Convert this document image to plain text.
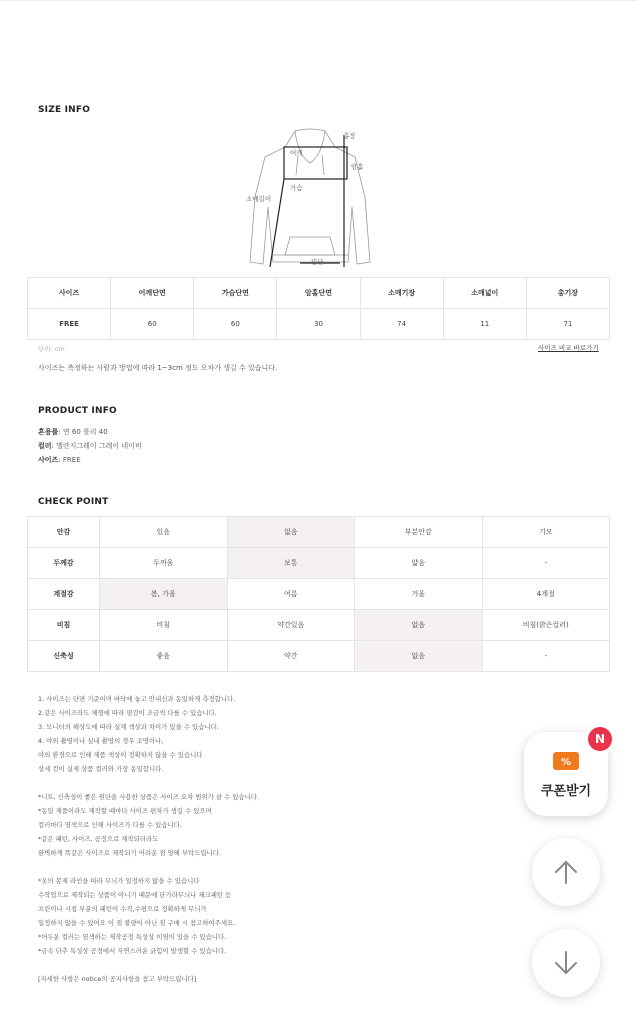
SIZE INFO
총장
어깨
암홀
가슴
소매길이
밑단
사이즈	어깨단면	가슴단면	암홀단면	소매기장	소매넓이	총기장
FREE	60	60	30	74	11	71
단위: cm	사이즈 비교 바로가기
사이즈는 측정하는 사람과 방법에 따라 1~3cm 정도 오차가 생길 수 있습니다.
PRODUCT INFO
혼용률: 면 60 폴리 40
컬러: 멜란지그레이 그레이 네이비
사이즈: FREE
CHECK POINT
안감	있음	없음	부분안감	기모
두께감	두꺼움	보통	얇음	-
계절감	봄, 가을	여름	겨울	4계절
비침	비침	약간있음	없음	비침(밝은컬러)
신축성	좋음	약간	없음	-

1. 사이즈는 단면 기준이며 바닥에 놓고 안내선과 동일하게 측정합니다.

2.같은 사이즈라도 체형에 따라 핏감이 조금씩 다를 수 있습니다.

3. 모니터의 해상도에 따라 실제 색상과 차이가 있을 수 있습니다.

4. 야외 촬영이나 실내 촬영의 경우 조명이나,

야외 환경으로 인해 제품 색상이 정확하지 않을 수 있습니다

상세 컷이 실제 상품 컬러와 가장 동일합니다.

*니트, 신축성이 좋은 원단을 사용한 상품은 사이즈 오차 범위가 클 수 있습니다.

*동일 제품이라도 제작할 때마다 사이즈 편차가 생길 수 있으며

컬러마다 염색으로 인해 사이즈가 다를 수 있습니다.

*같은 패턴, 사이즈, 공정으로 제작되더라도

완벽하게 똑같은 사이즈로 제작되기 어려운 점 양해 부탁드립니다.

*옷의 봉제 라인을 따라 무늬가 일정하지 않을 수 있습니다

수작업으로 제작되는 상품이 아니기 때문에 단가라무늬나 체크패턴 등

프린이나 시접 부분의 패턴이 수직,수평으로 정확하게 무늬가

일정하지 않을 수 있어요 이 점 불량이 아닌 점 구매 시 참고하여주세요.

*어두운 컬러는 염색하는 제작공정 특성상 이염이 있을 수 있습니다.

*금속 단추 특성상 공정에서 자연스러운 긁힘이 발생할 수 있습니다.

[자세한 사항은 notice의 공지사항을 참고 부탁드립니다]

%
쿠폰받기
N
